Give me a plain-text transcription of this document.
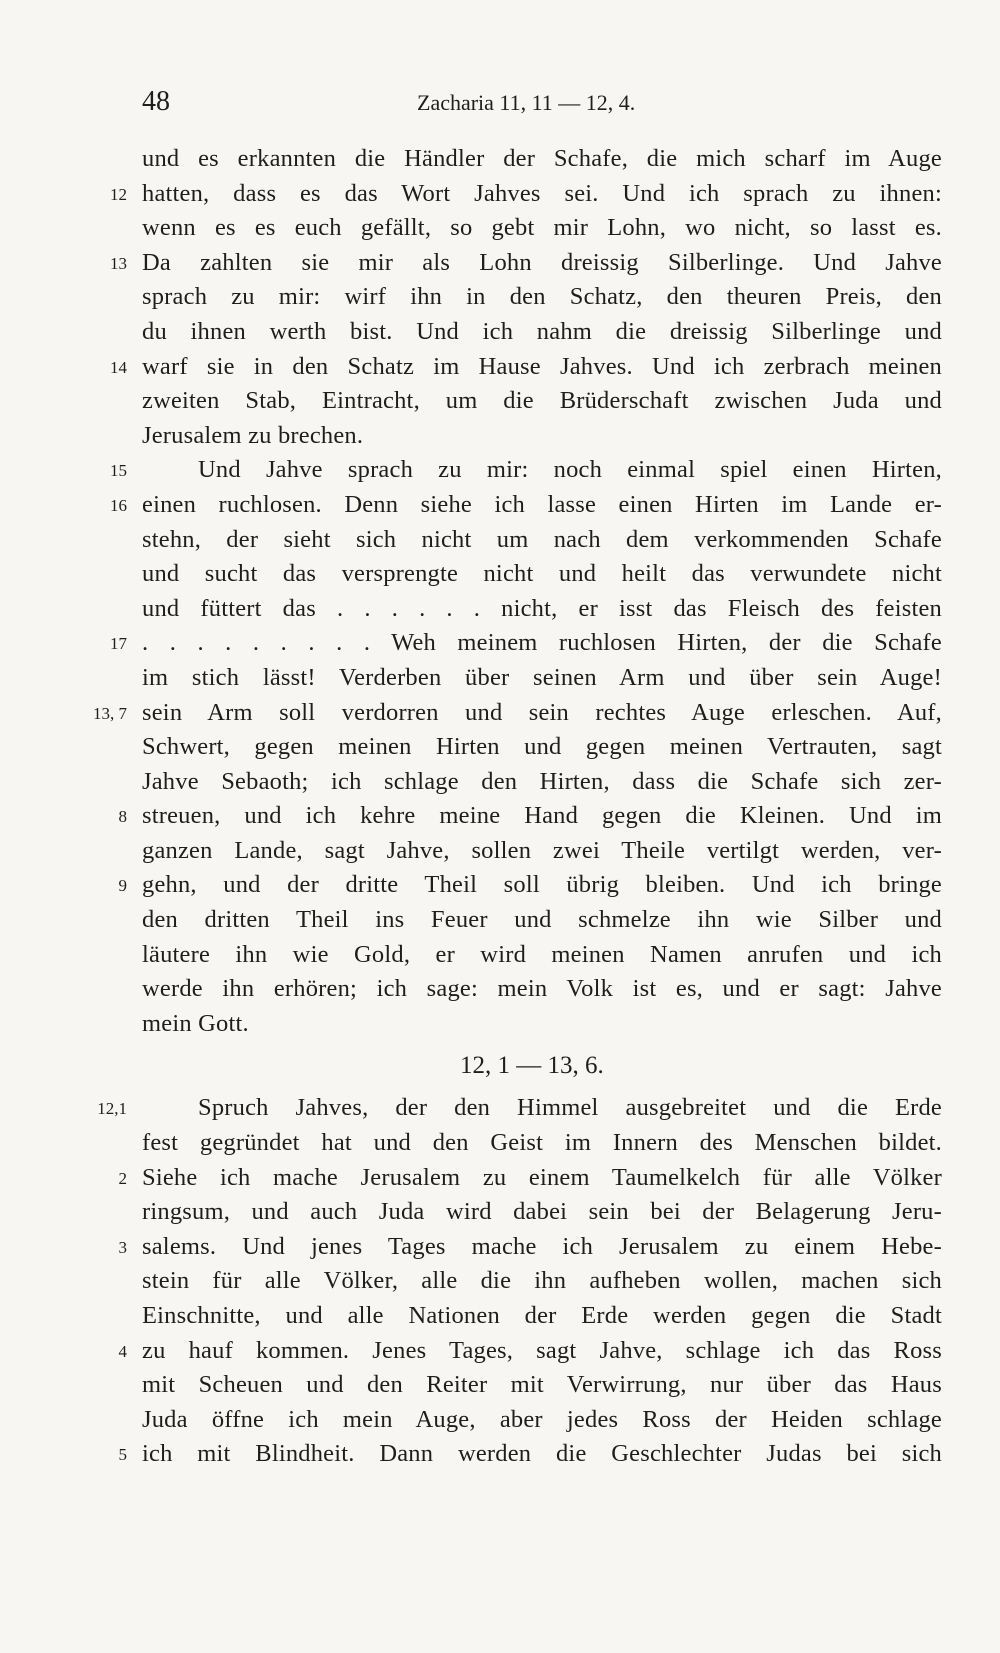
48	Zacharia 11, 11 — 12, 4.
und es erkannten die Händler der Schafe, die mich scharf im Auge
12 hatten, dass es das Wort Jahves sei. Und ich sprach zu ihnen:
wenn es es euch gefällt, so gebt mir Lohn, wo nicht, so lasst es.
13 Da zahlten sie mir als Lohn dreissig Silberlinge. Und Jahve
sprach zu mir: wirf ihn in den Schatz, den theuren Preis, den
du ihnen werth bist. Und ich nahm die dreissig Silberlinge und
14 warf sie in den Schatz im Hause Jahves. Und ich zerbrach meinen
zweiten Stab, Eintracht, um die Brüderschaft zwischen Juda und
Jerusalem zu brechen.
15	Und Jahve sprach zu mir: noch einmal spiel einen Hirten,
16 einen ruchlosen. Denn siehe ich lasse einen Hirten im Lande er-
stehn, der sieht sich nicht um nach dem verkommenden Schafe
und sucht das versprengte nicht und heilt das verwundete nicht
und füttert das . . . . . . nicht, er isst das Fleisch des feisten
17 . . . . . . . . . Weh meinem ruchlosen Hirten, der die Schafe
im stich lässt! Verderben über seinen Arm und über sein Auge!
13, 7 sein Arm soll verdorren und sein rechtes Auge erleschen. Auf,
Schwert, gegen meinen Hirten und gegen meinen Vertrauten, sagt
Jahve Sebaoth; ich schlage den Hirten, dass die Schafe sich zer-
8 streuen, und ich kehre meine Hand gegen die Kleinen. Und im
ganzen Lande, sagt Jahve, sollen zwei Theile vertilgt werden, ver-
9 gehn, und der dritte Theil soll übrig bleiben. Und ich bringe
den dritten Theil ins Feuer und schmelze ihn wie Silber und
läutere ihn wie Gold, er wird meinen Namen anrufen und ich
werde ihn erhören; ich sage: mein Volk ist es, und er sagt: Jahve
mein Gott.
12, 1 — 13, 6.
12,1	Spruch Jahves, der den Himmel ausgebreitet und die Erde
fest gegründet hat und den Geist im Innern des Menschen bildet.
2 Siehe ich mache Jerusalem zu einem Taumelkelch für alle Völker
ringsum, und auch Juda wird dabei sein bei der Belagerung Jeru-
3 salems. Und jenes Tages mache ich Jerusalem zu einem Hebe-
stein für alle Völker, alle die ihn aufheben wollen, machen sich
Einschnitte, und alle Nationen der Erde werden gegen die Stadt
4 zu hauf kommen. Jenes Tages, sagt Jahve, schlage ich das Ross
mit Scheuen und den Reiter mit Verwirrung, nur über das Haus
Juda öffne ich mein Auge, aber jedes Ross der Heiden schlage
5 ich mit Blindheit. Dann werden die Geschlechter Judas bei sich
